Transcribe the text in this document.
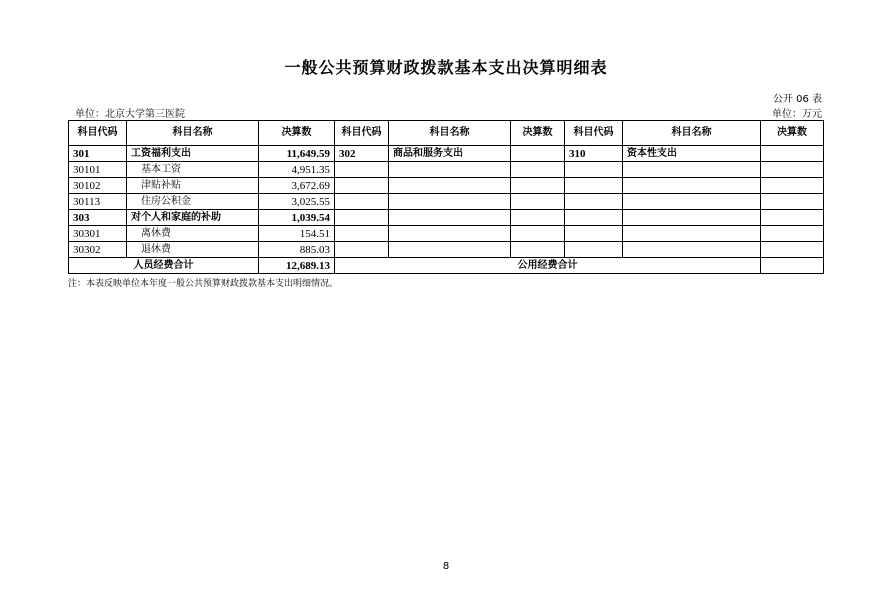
一般公共预算财政拨款基本支出决算明细表
公开 06 表
单位：北京大学第三医院	单位：万元
科目代码	科目名称	决算数	科目代码	科目名称	决算数	科目代码	科目名称	决算数
301	工资福利支出	11,649.59	302	商品和服务支出		310	资本性支出	
30101	基本工资	4,951.35						
30102	津贴补贴	3,672.69						
30113	住房公积金	3,025.55						
303	对个人和家庭的补助	1,039.54						
30301	离休费	154.51						
30302	退休费	885.03						
人员经费合计		12,689.13	公用经费合计					
注：本表反映单位本年度一般公共预算财政拨款基本支出明细情况。
8
